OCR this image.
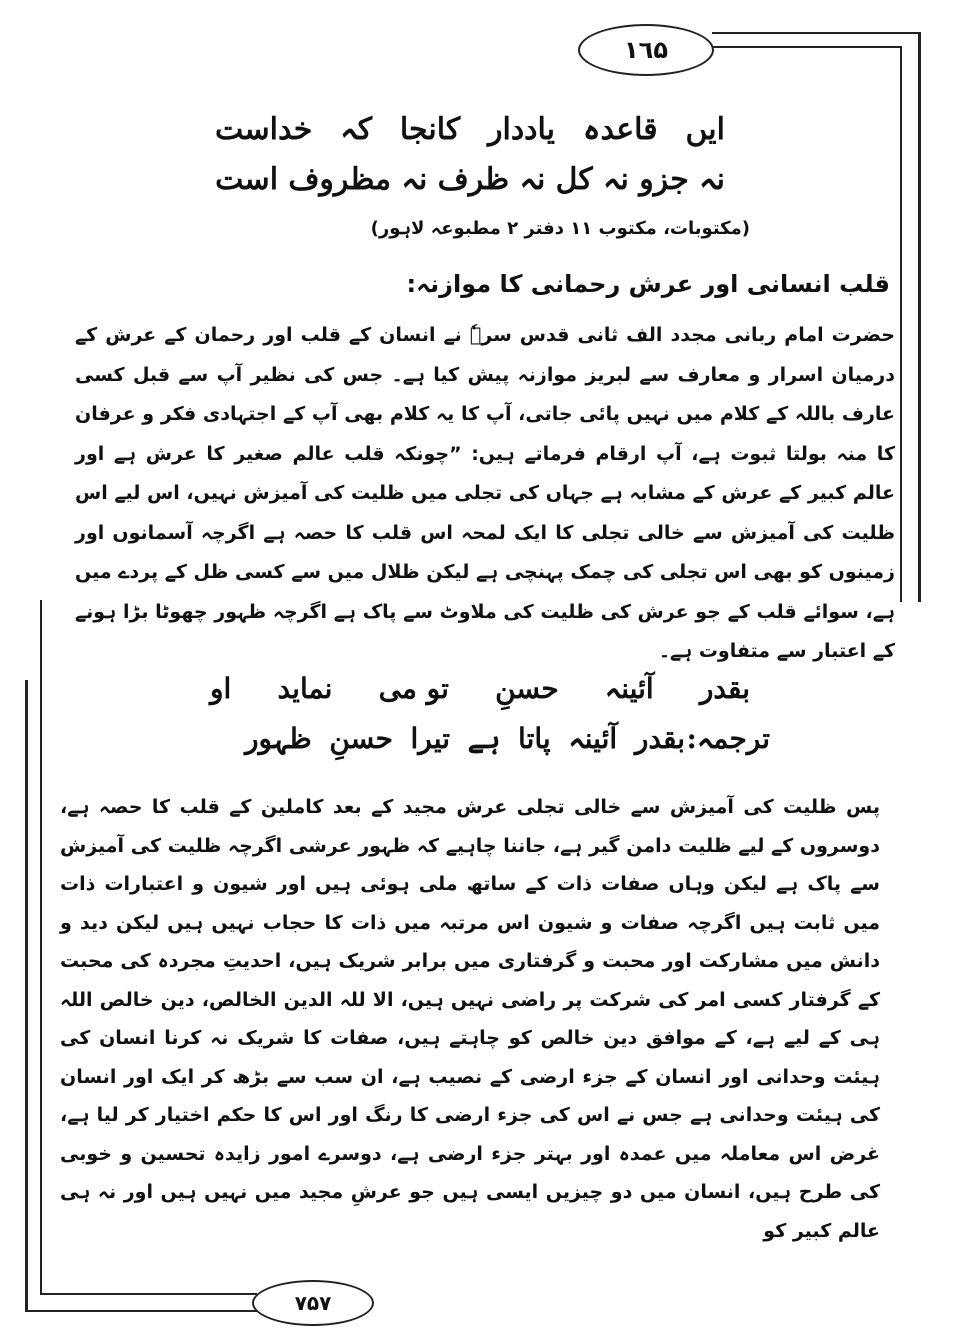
١٦۵
۷۵۷
ایں
قاعدہ
یاددار
کانجا
کہ
خداست
نہ
جزو
نہ
کل
نہ
ظرف
نہ
مظروف
است
(مکتوبات، مکتوب ۱۱ دفتر ۲ مطبوعہ لاہور)
قلب انسانی اور عرش رحمانی کا موازنہ:
حضرت امام ربانی مجدد الف ثانی قدس سرہٗ نے انسان کے قلب اور رحمان کے عرش کے درمیان اسرار و معارف سے لبریز موازنہ پیش کیا ہے۔ جس کی نظیر آپ سے قبل کسی عارف باللہ کے کلام میں نہیں پائی جاتی، آپ کا یہ کلام بھی آپ کے اجتہادی فکر و عرفان کا منہ بولتا ثبوت ہے، آپ ارقام فرماتے ہیں: ”چونکہ قلب عالم صغیر کا عرش ہے اور عالم کبیر کے عرش کے مشابہ ہے جہاں کی تجلی میں ظلیت کی آمیزش نہیں، اس لیے اس ظلیت کی آمیزش سے خالی تجلی کا ایک لمحہ اس قلب کا حصہ ہے اگرچہ آسمانوں اور زمینوں کو بھی اس تجلی کی چمک پہنچی ہے لیکن ظلال میں سے کسی ظل کے پردے میں ہے، سوائے قلب کے جو عرش کی ظلیت کی ملاوٹ سے پاک ہے اگرچہ ظہور چھوٹا بڑا ہونے کے اعتبار سے متفاوت ہے۔
بقدر
آئینہ
حسنِ
تو می
نماید
او
ترجمہ:
بقدر
آئینہ
پاتا
ہے
تیرا
حسنِ
ظہور
پس ظلیت کی آمیزش سے خالی تجلی عرش مجید کے بعد کاملین کے قلب کا حصہ ہے، دوسروں کے لیے ظلیت دامن گیر ہے، جاننا چاہیے کہ ظہور عرشی اگرچہ ظلیت کی آمیزش سے پاک ہے لیکن وہاں صفات ذات کے ساتھ ملی ہوئی ہیں اور شیون و اعتبارات ذات میں ثابت ہیں اگرچہ صفات و شیون اس مرتبہ میں ذات کا حجاب نہیں ہیں لیکن دید و دانش میں مشارکت اور محبت و گرفتاری میں برابر شریک ہیں، احدیتِ مجردہ کی محبت کے گرفتار کسی امر کی شرکت پر راضی نہیں ہیں، الا للہ الدین الخالص، دین خالص اللہ ہی کے لیے ہے، کے موافق دین خالص کو چاہتے ہیں، صفات کا شریک نہ کرنا انسان کی ہیئت وحدانی اور انسان کے جزء ارضی کے نصیب ہے، ان سب سے بڑھ کر ایک اور انسان کی ہیئت وحدانی ہے جس نے اس کی جزء ارضی کا رنگ اور اس کا حکم اختیار کر لیا ہے، غرض اس معاملہ میں عمدہ اور بہتر جزء ارضی ہے، دوسرے امور زایدہ تحسین و خوبی کی طرح ہیں، انسان میں دو چیزیں ایسی ہیں جو عرشِ مجید میں نہیں ہیں اور نہ ہی عالم کبیر کو
